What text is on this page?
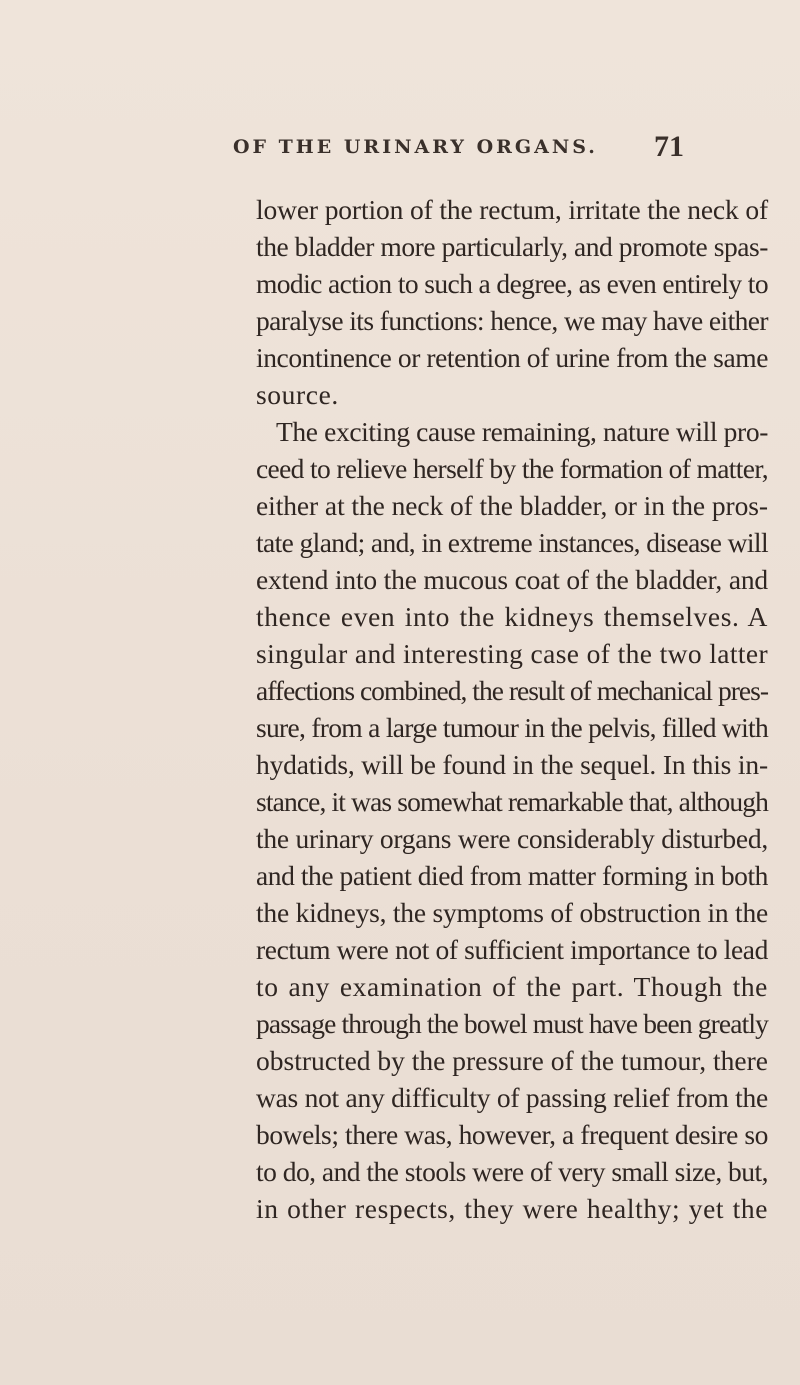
OF THE URINARY ORGANS. 71
lower portion of the rectum, irritate the neck of
the bladder more particularly, and promote spas-
modic action to such a degree, as even entirely to
paralyse its functions: hence, we may have either
incontinence or retention of urine from the same
source.
The exciting cause remaining, nature will pro-
ceed to relieve herself by the formation of matter,
either at the neck of the bladder, or in the pros-
tate gland; and, in extreme instances, disease will
extend into the mucous coat of the bladder, and
thence even into the kidneys themselves. A
singular and interesting case of the two latter
affections combined, the result of mechanical pres-
sure, from a large tumour in the pelvis, filled with
hydatids, will be found in the sequel. In this in-
stance, it was somewhat remarkable that, although
the urinary organs were considerably disturbed,
and the patient died from matter forming in both
the kidneys, the symptoms of obstruction in the
rectum were not of sufficient importance to lead
to any examination of the part. Though the
passage through the bowel must have been greatly
obstructed by the pressure of the tumour, there
was not any difficulty of passing relief from the
bowels; there was, however, a frequent desire so
to do, and the stools were of very small size, but,
in other respects, they were healthy; yet the
